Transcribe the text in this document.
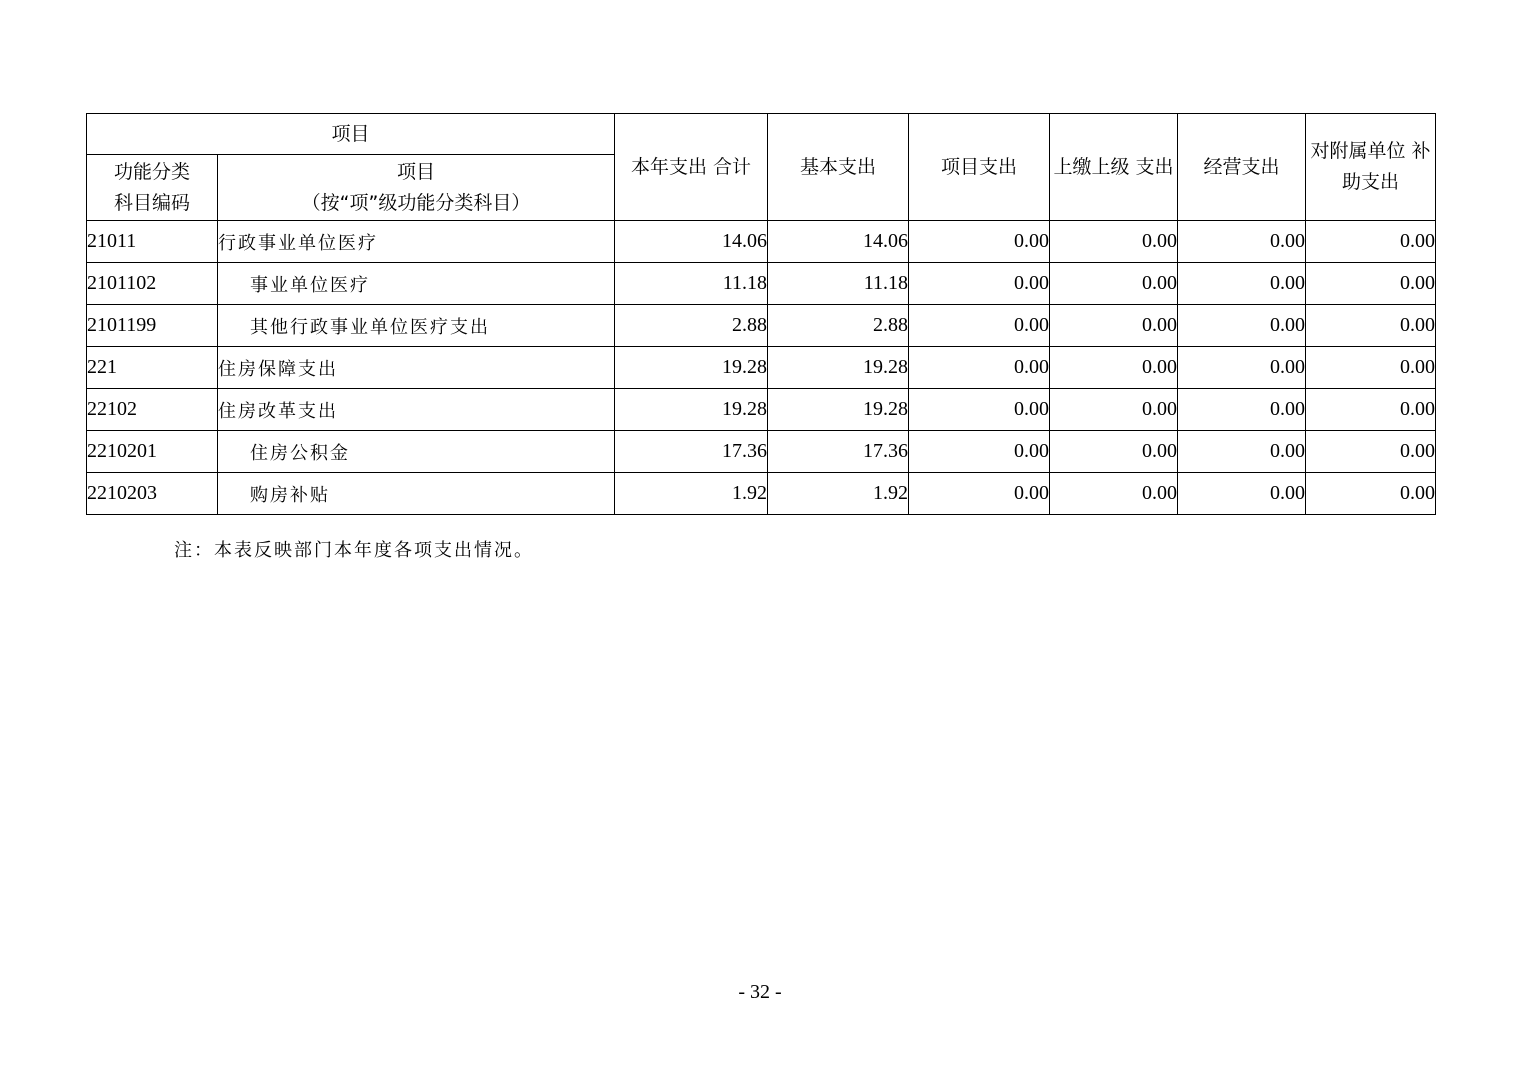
项目		本年支出 合计	基本支出	项目支出	上缴上级 支出	经营支出	对附属单位 补助支出

功能分类
科目编码	项目
（按“项”级功能分类科目）						

21011	行政事业单位医疗	14.06	14.06	0.00	0.00	0.00	0.00
2101102	事业单位医疗	11.18	11.18	0.00	0.00	0.00	0.00
2101199	其他行政事业单位医疗支出	2.88	2.88	0.00	0.00	0.00	0.00
221	住房保障支出	19.28	19.28	0.00	0.00	0.00	0.00
22102	住房改革支出	19.28	19.28	0.00	0.00	0.00	0.00
2210201	住房公积金	17.36	17.36	0.00	0.00	0.00	0.00
2210203	购房补贴	1.92	1.92	0.00	0.00	0.00	0.00
注：本表反映部门本年度各项支出情况。
- 32 -
